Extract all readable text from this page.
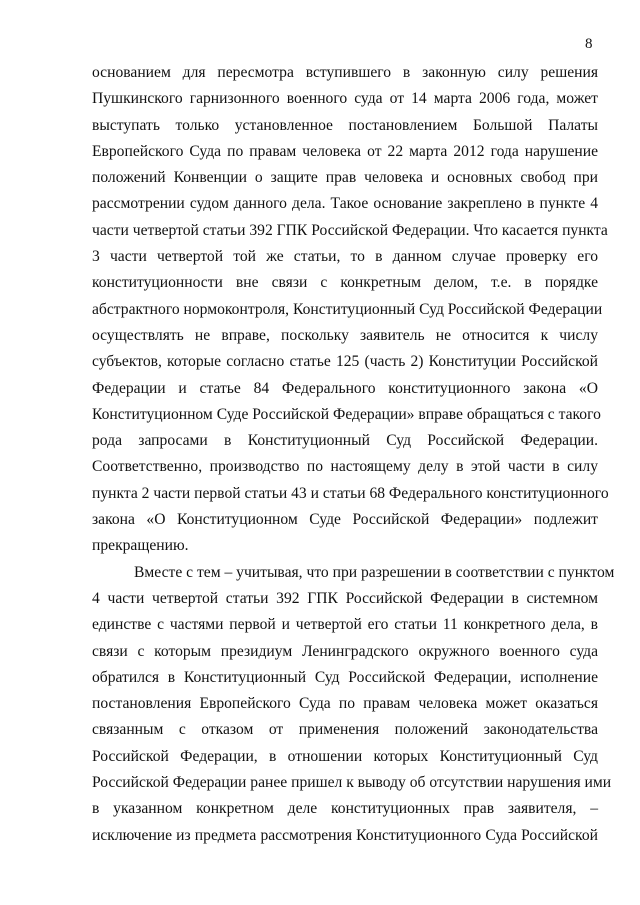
8
основанием для пересмотра вступившего в законную силу решения
Пушкинского гарнизонного военного суда от 14 марта 2006 года, может
выступать только установленное постановлением Большой Палаты
Европейского Суда по правам человека от 22 марта 2012 года нарушение
положений Конвенции о защите прав человека и основных свобод при
рассмотрении судом данного дела. Такое основание закреплено в пункте 4
части четвертой статьи 392 ГПК Российской Федерации. Что касается пункта
3 части четвертой той же статьи, то в данном случае проверку его
конституционности вне связи с конкретным делом, т.е. в порядке
абстрактного нормоконтроля, Конституционный Суд Российской Федерации
осуществлять не вправе, поскольку заявитель не относится к числу
субъектов, которые согласно статье 125 (часть 2) Конституции Российской
Федерации и статье 84 Федерального конституционного закона «О
Конституционном Суде Российской Федерации» вправе обращаться с такого
рода запросами в Конституционный Суд Российской Федерации.
Соответственно, производство по настоящему делу в этой части в силу
пункта 2 части первой статьи 43 и статьи 68 Федерального конституционного
закона «О Конституционном Суде Российской Федерации» подлежит
прекращению.
Вместе с тем – учитывая, что при разрешении в соответствии с пунктом
4 части четвертой статьи 392 ГПК Российской Федерации в системном
единстве с частями первой и четвертой его статьи 11 конкретного дела, в
связи с которым президиум Ленинградского окружного военного суда
обратился в Конституционный Суд Российской Федерации, исполнение
постановления Европейского Суда по правам человека может оказаться
связанным с отказом от применения положений законодательства
Российской Федерации, в отношении которых Конституционный Суд
Российской Федерации ранее пришел к выводу об отсутствии нарушения ими
в указанном конкретном деле конституционных прав заявителя, –
исключение из предмета рассмотрения Конституционного Суда Российской
